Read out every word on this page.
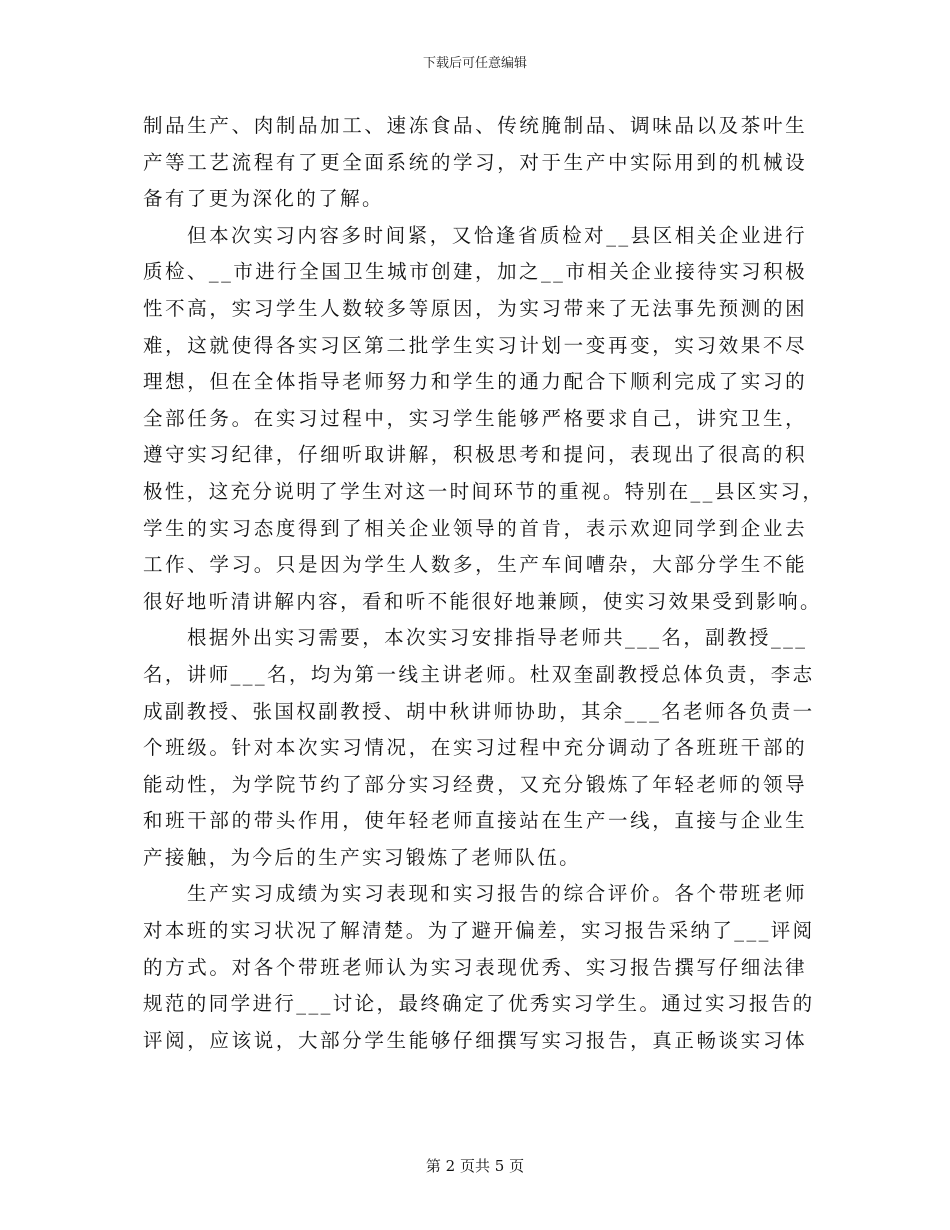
下载后可任意编辑
制品生产、肉制品加工、速冻食品、传统腌制品、调味品以及茶叶生
产等工艺流程有了更全面系统的学习，对于生产中实际用到的机械设
备有了更为深化的了解。
但本次实习内容多时间紧，又恰逢省质检对__县区相关企业进行
质检、__市进行全国卫生城市创建，加之__市相关企业接待实习积极
性不高，实习学生人数较多等原因，为实习带来了无法事先预测的困
难，这就使得各实习区第二批学生实习计划一变再变，实习效果不尽
理想，但在全体指导老师努力和学生的通力配合下顺利完成了实习的
全部任务。在实习过程中，实习学生能够严格要求自己，讲究卫生，
遵守实习纪律，仔细听取讲解，积极思考和提问，表现出了很高的积
极性，这充分说明了学生对这一时间环节的重视。特别在__县区实习，
学生的实习态度得到了相关企业领导的首肯，表示欢迎同学到企业去
工作、学习。只是因为学生人数多，生产车间嘈杂，大部分学生不能
很好地听清讲解内容，看和听不能很好地兼顾，使实习效果受到影响。
根据外出实习需要，本次实习安排指导老师共___名，副教授___
名，讲师___名，均为第一线主讲老师。杜双奎副教授总体负责，李志
成副教授、张国权副教授、胡中秋讲师协助，其余___名老师各负责一
个班级。针对本次实习情况，在实习过程中充分调动了各班班干部的
能动性，为学院节约了部分实习经费，又充分锻炼了年轻老师的领导
和班干部的带头作用，使年轻老师直接站在生产一线，直接与企业生
产接触，为今后的生产实习锻炼了老师队伍。
生产实习成绩为实习表现和实习报告的综合评价。各个带班老师
对本班的实习状况了解清楚。为了避开偏差，实习报告采纳了___评阅
的方式。对各个带班老师认为实习表现优秀、实习报告撰写仔细法律
规范的同学进行___讨论，最终确定了优秀实习学生。通过实习报告的
评阅，应该说，大部分学生能够仔细撰写实习报告，真正畅谈实习体
第 2 页共 5 页
